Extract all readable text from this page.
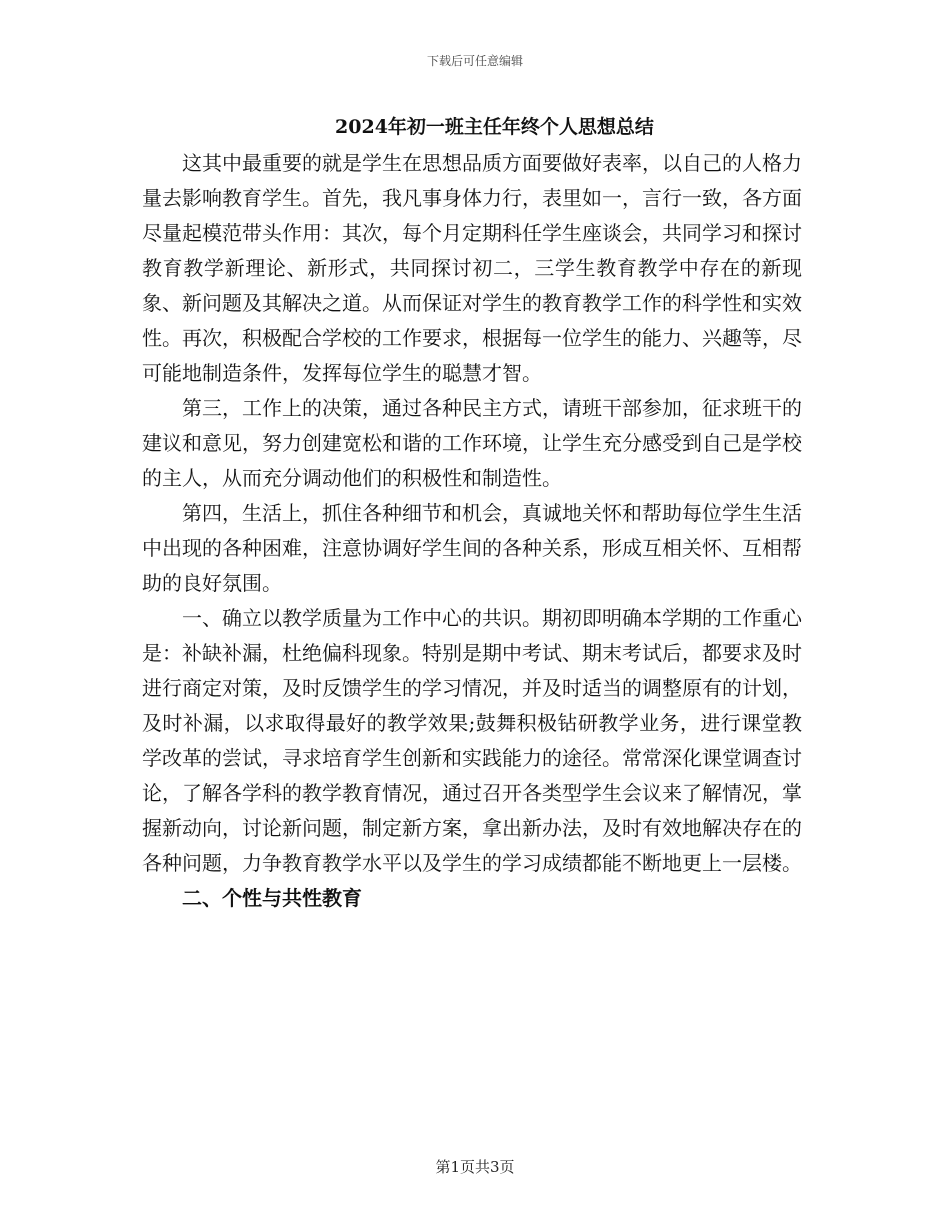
下载后可任意编辑
2024年初一班主任年终个人思想总结

这其中最重要的就是学生在思想品质方面要做好表率，以自己的人格力量去影响教育学生。首先，我凡事身体力行，表里如一，言行一致，各方面尽量起模范带头作用：其次，每个月定期科任学生座谈会，共同学习和探讨教育教学新理论、新形式，共同探讨初二，三学生教育教学中存在的新现象、新问题及其解决之道。从而保证对学生的教育教学工作的科学性和实效性。再次，积极配合学校的工作要求，根据每一位学生的能力、兴趣等，尽可能地制造条件，发挥每位学生的聪慧才智。

第三，工作上的决策，通过各种民主方式，请班干部参加，征求班干的建议和意见，努力创建宽松和谐的工作环境，让学生充分感受到自己是学校的主人，从而充分调动他们的积极性和制造性。

第四，生活上，抓住各种细节和机会，真诚地关怀和帮助每位学生生活中出现的各种困难，注意协调好学生间的各种关系，形成互相关怀、互相帮助的良好氛围。

一、确立以教学质量为工作中心的共识。期初即明确本学期的工作重心是：补缺补漏，杜绝偏科现象。特别是期中考试、期末考试后，都要求及时进行商定对策，及时反馈学生的学习情况，并及时适当的调整原有的计划，及时补漏，以求取得最好的教学效果;鼓舞积极钻研教学业务，进行课堂教学改革的尝试，寻求培育学生创新和实践能力的途径。常常深化课堂调查讨论，了解各学科的教学教育情况，通过召开各类型学生会议来了解情况，掌握新动向，讨论新问题，制定新方案，拿出新办法，及时有效地解决存在的各种问题，力争教育教学水平以及学生的学习成绩都能不断地更上一层楼。

二、个性与共性教育

第1页共3页
